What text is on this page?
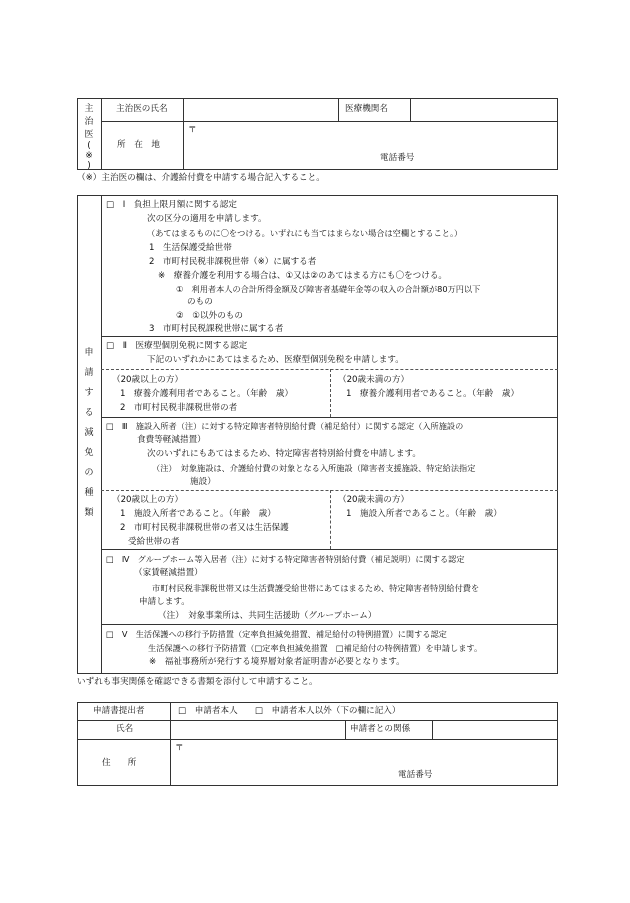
主
治
医
(
※
)
主治医の氏名	医療機関名
所　在　地
〒
電話番号
（※）主治医の欄は、介護給付費を申請する場合記入すること。
申
請
す
る
減
免
の
種
類
□　Ⅰ　負担上限月額に関する認定
次の区分の適用を申請します。
（あてはまるものに〇をつける。いずれにも当てはまらない場合は空欄とすること。）
1　生活保護受給世帯
2　市町村民税非課税世帯（※）に属する者
※　療養介護を利用する場合は、①又は②のあてはまる方にも〇をつける。
①　利用者本人の合計所得金額及び障害者基礎年金等の収入の合計額が80万円以下
のもの
②　①以外のもの
3　市町村民税課税世帯に属する者
□　Ⅱ　医療型個別免税に関する認定
下記のいずれかにあてはまるため、医療型個別免税を申請します。
（20歳以上の方）
1　療養介護利用者であること。（年齢　歳）
2　市町村民税非課税世帯の者
（20歳未満の方）
1　療養介護利用者であること。（年齢　歳）
□　Ⅲ　施設入所者（注）に対する特定障害者特別給付費（補足給付）に関する認定（入所施設の
食費等軽減措置）
次のいずれにもあてはまるため、特定障害者特別給付費を申請します。
（注）　対象施設は、介護給付費の対象となる入所施設（障害者支援施設、特定給法指定
施設）
（20歳以上の方）
1　施設入所者であること。（年齢　歳）
2　市町村民税非課税世帯の者又は生活保護
受給世帯の者
（20歳未満の方）
1　施設入所者であること。（年齢　歳）
□　Ⅳ　グループホーム等入居者（注）に対する特定障害者特別給付費（補足説明）に関する認定
（家賃軽減措置）
市町村民税非課税世帯又は生活費護受給世帯にあてはまるため、特定障害者特別給付費を
申請します。
（注）　対象事業所は、共同生活援助（グループホーム）
□　Ⅴ　生活保護への移行予防措置（定率負担減免措置、補足給付の特例措置）に関する認定
生活保護への移行予防措置（□定率負担減免措置　□補足給付の特例措置）を申請します。
※　福祉事務所が発行する境界層対象者証明書が必要となります。
いずれも事実関係を確認できる書類を添付して申請すること。
申請書提出者	□　申請者本人　　□　申請者本人以外（下の欄に記入）
氏名	申請者との関係
住　　所
〒
電話番号
